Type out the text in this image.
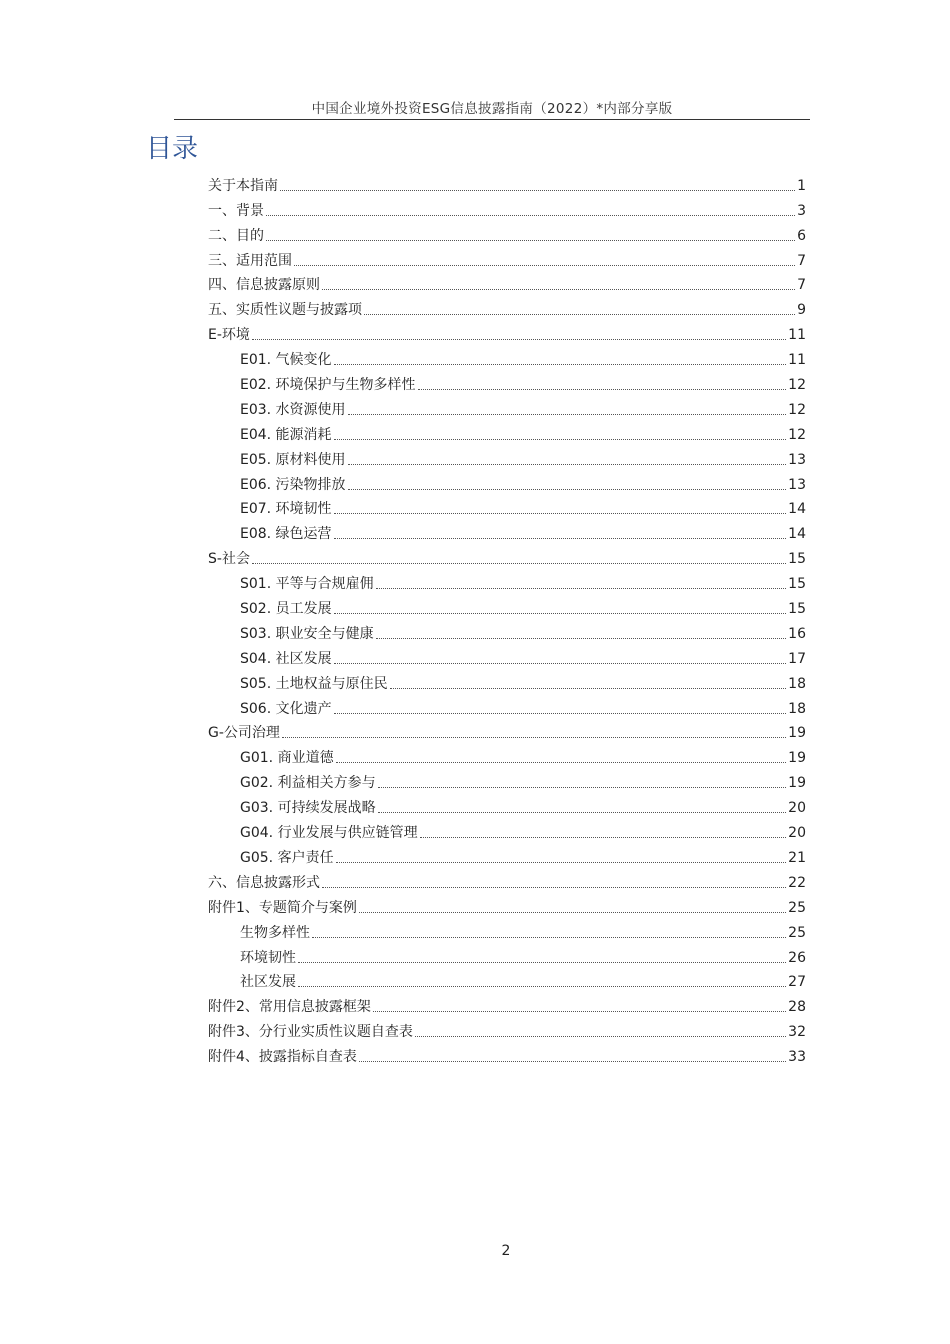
中国企业境外投资ESG信息披露指南（2022）*内部分享版
目录
关于本指南	1
一、背景	3
二、目的	6
三、适用范围	7
四、信息披露原则	7
五、实质性议题与披露项	9
E-环境	11
E01. 气候变化	11
E02. 环境保护与生物多样性	12
E03. 水资源使用	12
E04. 能源消耗	12
E05. 原材料使用	13
E06. 污染物排放	13
E07. 环境韧性	14
E08. 绿色运营	14
S-社会	15
S01. 平等与合规雇佣	15
S02. 员工发展	15
S03. 职业安全与健康	16
S04. 社区发展	17
S05. 土地权益与原住民	18
S06. 文化遗产	18
G-公司治理	19
G01. 商业道德	19
G02. 利益相关方参与	19
G03. 可持续发展战略	20
G04. 行业发展与供应链管理	20
G05. 客户责任	21
六、信息披露形式	22
附件1、专题简介与案例	25
生物多样性	25
环境韧性	26
社区发展	27
附件2、常用信息披露框架	28
附件3、分行业实质性议题自查表	32
附件4、披露指标自查表	33
2
